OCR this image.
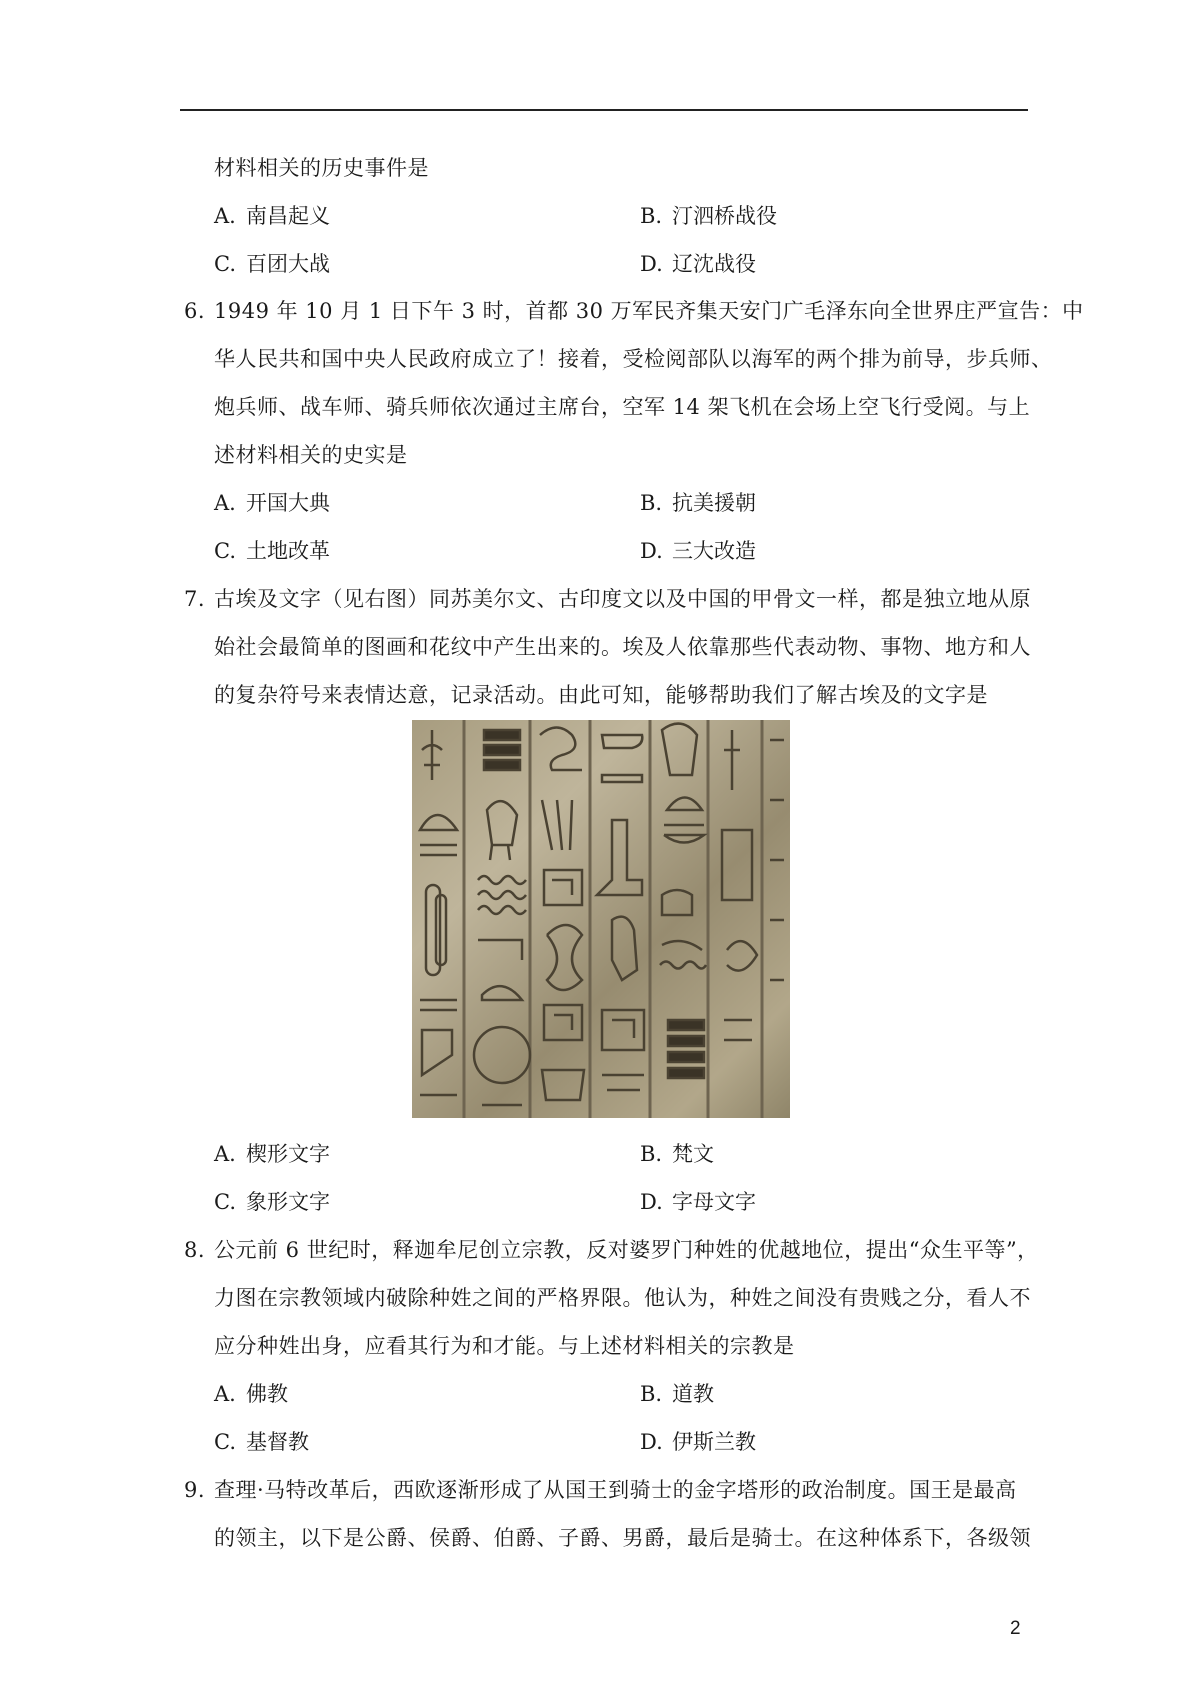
材料相关的历史事件是
A. 南昌起义	B. 汀泗桥战役
C. 百团大战	D. 辽沈战役
6. 1949 年 10 月 1 日下午 3 时，首都 30 万军民齐集天安门广毛泽东向全世界庄严宣告：中
华人民共和国中央人民政府成立了！接着，受检阅部队以海军的两个排为前导，步兵师、
炮兵师、战车师、骑兵师依次通过主席台，空军 14 架飞机在会场上空飞行受阅。与上
述材料相关的史实是
A. 开国大典	B. 抗美援朝
C. 土地改革	D. 三大改造
7. 古埃及文字（见右图）同苏美尔文、古印度文以及中国的甲骨文一样，都是独立地从原
始社会最简单的图画和花纹中产生出来的。埃及人依靠那些代表动物、事物、地方和人
的复杂符号来表情达意，记录活动。由此可知，能够帮助我们了解古埃及的文字是
A. 楔形文字	B. 梵文
C. 象形文字	D. 字母文字
8. 公元前 6 世纪时，释迦牟尼创立宗教，反对婆罗门种姓的优越地位，提出“众生平等”，
力图在宗教领域内破除种姓之间的严格界限。他认为，种姓之间没有贵贱之分，看人不
应分种姓出身，应看其行为和才能。与上述材料相关的宗教是
A. 佛教	B. 道教
C. 基督教	D. 伊斯兰教
9. 查理·马特改革后，西欧逐渐形成了从国王到骑士的金字塔形的政治制度。国王是最高
的领主，以下是公爵、侯爵、伯爵、子爵、男爵，最后是骑士。在这种体系下，各级领
2
